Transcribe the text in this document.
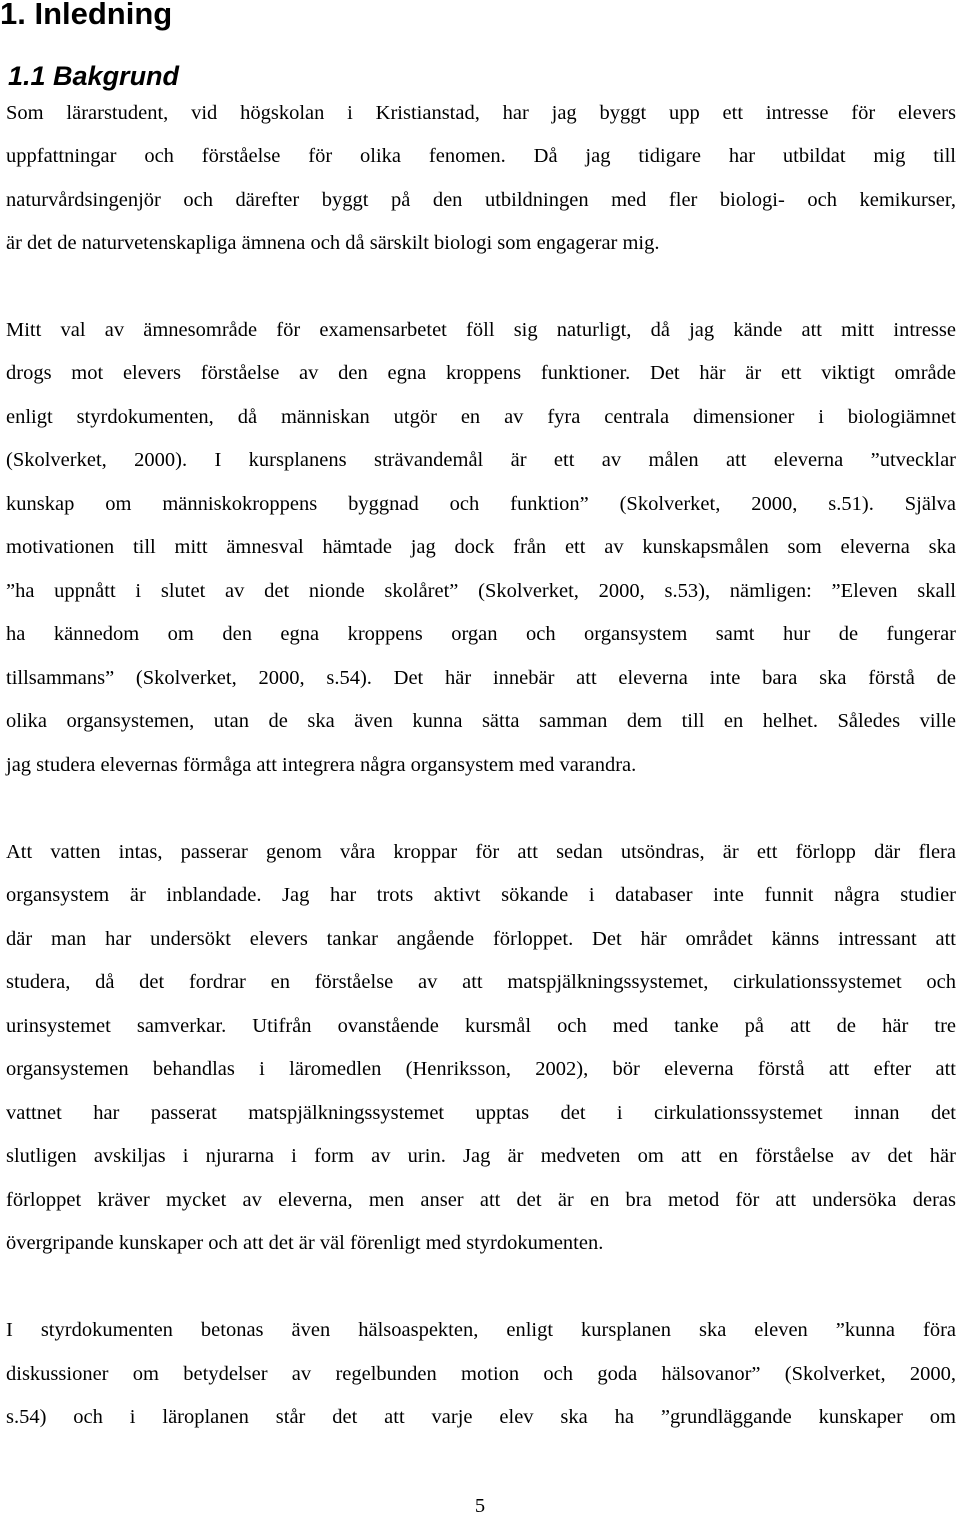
1. Inledning
1.1 Bakgrund

Som lärarstudent, vid högskolan i Kristianstad, har jag byggt upp ett intresse för elevers

uppfattningar och förståelse för olika fenomen. Då jag tidigare har utbildat mig till

naturvårdsingenjör och därefter byggt på den utbildningen med fler biologi- och kemikurser,

är det de naturvetenskapliga ämnena och då särskilt biologi som engagerar mig.

Mitt val av ämnesområde för examensarbetet föll sig naturligt, då jag kände att mitt intresse

drogs mot elevers förståelse av den egna kroppens funktioner. Det här är ett viktigt område

enligt styrdokumenten, då människan utgör en av fyra centrala dimensioner i biologiämnet

(Skolverket, 2000). I kursplanens strävandemål är ett av målen att eleverna ”utvecklar

kunskap om människokroppens byggnad och funktion” (Skolverket, 2000, s.51). Själva

motivationen till mitt ämnesval hämtade jag dock från ett av kunskapsmålen som eleverna ska

”ha uppnått i slutet av det nionde skolåret” (Skolverket, 2000, s.53), nämligen: ”Eleven skall

ha kännedom om den egna kroppens organ och organsystem samt hur de fungerar

tillsammans” (Skolverket, 2000, s.54). Det här innebär att eleverna inte bara ska förstå de

olika organsystemen, utan de ska även kunna sätta samman dem till en helhet. Således ville

jag studera elevernas förmåga att integrera några organsystem med varandra.

Att vatten intas, passerar genom våra kroppar för att sedan utsöndras, är ett förlopp där flera

organsystem är inblandade. Jag har trots aktivt sökande i databaser inte funnit några studier

där man har undersökt elevers tankar angående förloppet. Det här området känns intressant att

studera, då det fordrar en förståelse av att matspjälkningssystemet, cirkulationssystemet och

urinsystemet samverkar. Utifrån ovanstående kursmål och med tanke på att de här tre

organsystemen behandlas i läromedlen (Henriksson, 2002), bör eleverna förstå att efter att

vattnet har passerat matspjälkningssystemet upptas det i cirkulationssystemet innan det

slutligen avskiljas i njurarna i form av urin. Jag är medveten om att en förståelse av det här

förloppet kräver mycket av eleverna, men anser att det är en bra metod för att undersöka deras

övergripande kunskaper och att det är väl förenligt med styrdokumenten.

I styrdokumenten betonas även hälsoaspekten, enligt kursplanen ska eleven ”kunna föra

diskussioner om betydelser av regelbunden motion och goda hälsovanor” (Skolverket, 2000,

s.54) och i läroplanen står det att varje elev ska ha ”grundläggande kunskaper om

5
